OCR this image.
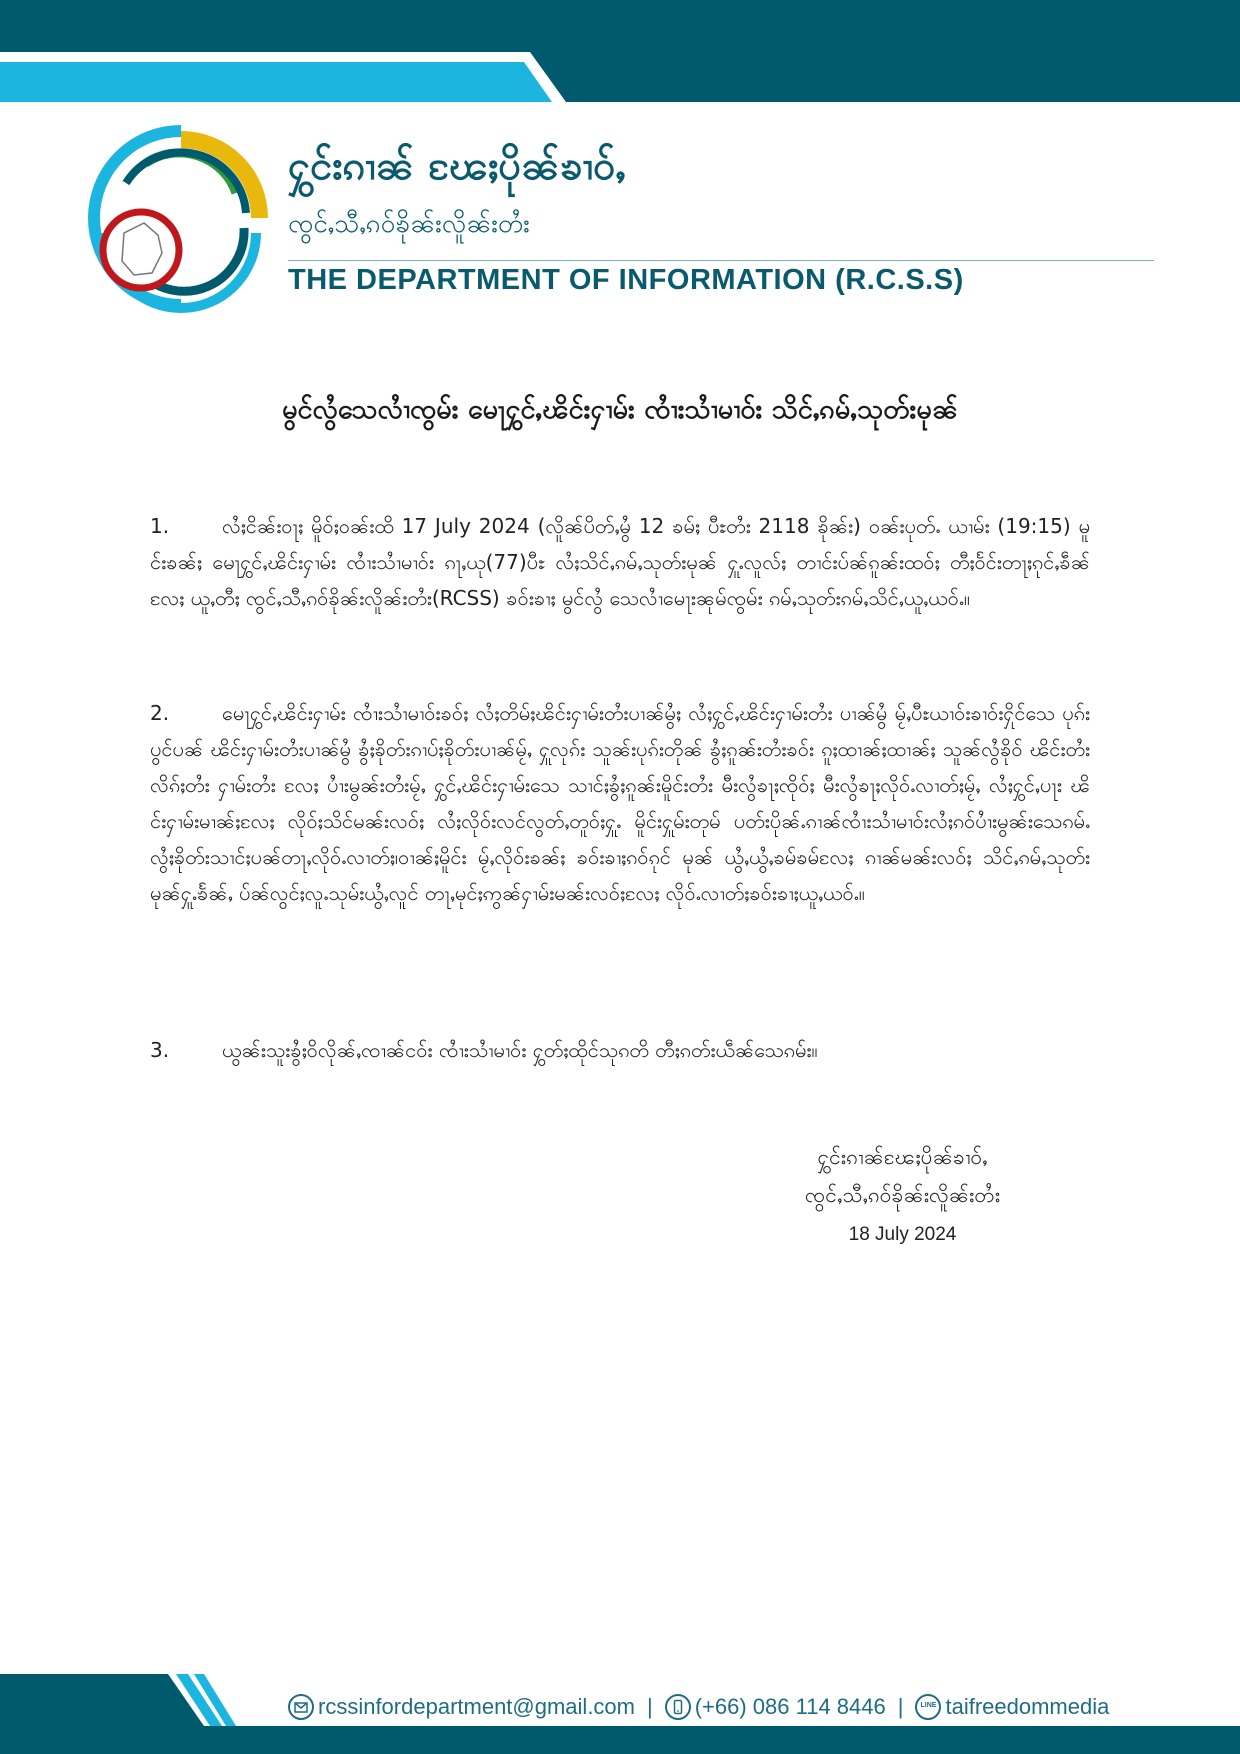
ႁွင်းၵၢၼ် ၽႄႈပိုၼ်ၶၢဝ်ႇ
ၸွင်ႇသီႇၵဝ်ၶိုၼ်းလိူၼ်းတႆး
THE DEPARTMENT OF INFORMATION (R.C.S.S)
မွင်လွႆသေလၢႆၸွမ်း မေႃႁွင်ႇၽိင်းႁၢမ်း ၸၢႆးသၢႆမၢဝ်း သိင်ႇၵမ်ႇသုတ်းမုၼ်
1.	လႆႈငိၼ်းဝႃႈ မိူဝ်ႈဝၼ်းထိ 17 July 2024 (လိူၼ်ပိတ်ႇမွႆ 12 ၶမ်ႈ ပီႊတႆး 2118 ၶိုၼ်း) ဝၼ်းပုတ်ႉ ယၢမ်း (19:15) မူင်းၶၼ်ႈ မေႃႁွင်ႇၽိင်းႁၢမ်း ၸၢႆးသၢႆမၢဝ်း ၵႃႇယု(77)ပီႊ လႆႈသိင်ႇၵမ်ႇသုတ်းမုၼ် ႁူႉလူလ်ႈ တၢင်းပ်ၼ်ၵူၼ်းထဝ်ႈ တီႈဝႅင်းတႃႈၵုင်ႇၶဵၼ်လႄႈ ယူႇတီႈ ၸွင်ႇသီႇၵဝ်ၶိုၼ်းလိူၼ်းတႆး(RCSS) ၶဝ်းၶၢႈ မွင်လွႆ သေလၢႆမေႃးၼုမ်ၸွမ်း ၵမ်ႇသုတ်းၵမ်ႇသိင်ႇယူႇယဝ်ႉ။
2.	မေႃႁွင်ႇၽိင်းႁၢမ်း ၸၢႆးသၢႆမၢဝ်းၶဝ်ႈ လႆႈတိမ်ႈၽိင်းႁၢမ်းတႆးပၢၼ်မွႆႈ လႆႈႁွင်ႇၽိင်းႁၢမ်းတႆး ပၢၼ်မွႆ မႂ်ႇပီႊယၢဝ်းၶၢဝ်းႁိုင်သေ ပုၵ်းပွင်ပၼ် ၽိင်းႁၢမ်းတႆးပၢၼ်မွႆ ၶွႆႈၶိုတ်းၵၢပ်ႈၶိုတ်းပၢၼ်မႂ်ႇ ႁူလုၵ်း သူၼ်းပုၵ်းတိုၼ် ၶွႆႈၵူၼ်းတႆးၶဝ်း ၵူႈထၢၼ်ႈထၢၼ်ႈ သူၼ်လွႆၶိုဝ် ၽိင်းတႆး လိၵ်ႈတႆး ႁၢမ်းတႆး လႄႈ ပၢႆးမွၼ်းတႆးမႂ်ႇ ႁွင်ႇၽိင်းႁၢမ်းသေ သၢင်ႈၶွႆႈၵူၼ်းမိူင်းတႆး မီးလွႆၶႃႈၸိုဝ်ႈ မီးလွႆၶႃႈလိုဝ်ႉလၢတ်ႈမႂ်ႇ လႆႈႁွင်ႇပႃး ၽိင်းႁၢမ်းမၢၼ်ႈလႄႈ လိုဝ်ႈသိင်မၼ်းလဝ်ႈ လႆႈလိုဝ်းလင်လွတ်ႇတူဝ်ႈႁူႉ မိူင်းႁူမ်းတုမ် ပတ်းပိုၼ်ႉၵၢၼ်ၸၢႆးသၢႆမၢဝ်းလႆႈၵဝ်ပၢႆးမွၼ်းသေၵမ်ႉလွႆႈၶိုတ်းသၢင်ႈပၼ်တႃႇလိုဝ်ႉလၢတ်ႈ၊ဝၢၼ်ႈမိူင်း မႂ်ႇလိုဝ်းၶၼ်ႈ ၶဝ်းၶၢႈၵဝ်ၵုင် မုၼ် ယွႆႇယွႆႇၶမ်ၶမ်လႄႈ ၵၢၼ်မၼ်းလဝ်ႈ သိင်ႇၵမ်ႇသုတ်းမုၼ်ႁူႉၶႅၼ်ႇ ပ်ၼ်လွင်ႈလူႉသုမ်းယွႆႇလူင် တႃႇမုင်ႈဢွၼ်ႁၢမ်းမၼ်းလဝ်ႈလႄႈ လိုဝ်ႉလၢတ်ႈၶဝ်းၶၢႈယူႇယဝ်ႉ။
3.	ယွၼ်းသူးၶွႆႈဝိလိုၼ်ႇၸၢၼ်ငဝ်း ၸၢႆးသၢႆမၢဝ်း ႁွတ်ႈထိုင်သုၵတိ တီႈၵတ်းယဵၼ်သေၵမ်း။
ႁွင်းၵၢၼ်ၽႄႈပိုၼ်ၶၢဝ်ႇ
ၸွင်ႇသီႇၵဝ်ၶိုၼ်းလိူၼ်းတႆး
18 July 2024
rcssinfordepartment@gmail.com | (+66) 086 114 8446 |	LINE taifreedommedia
